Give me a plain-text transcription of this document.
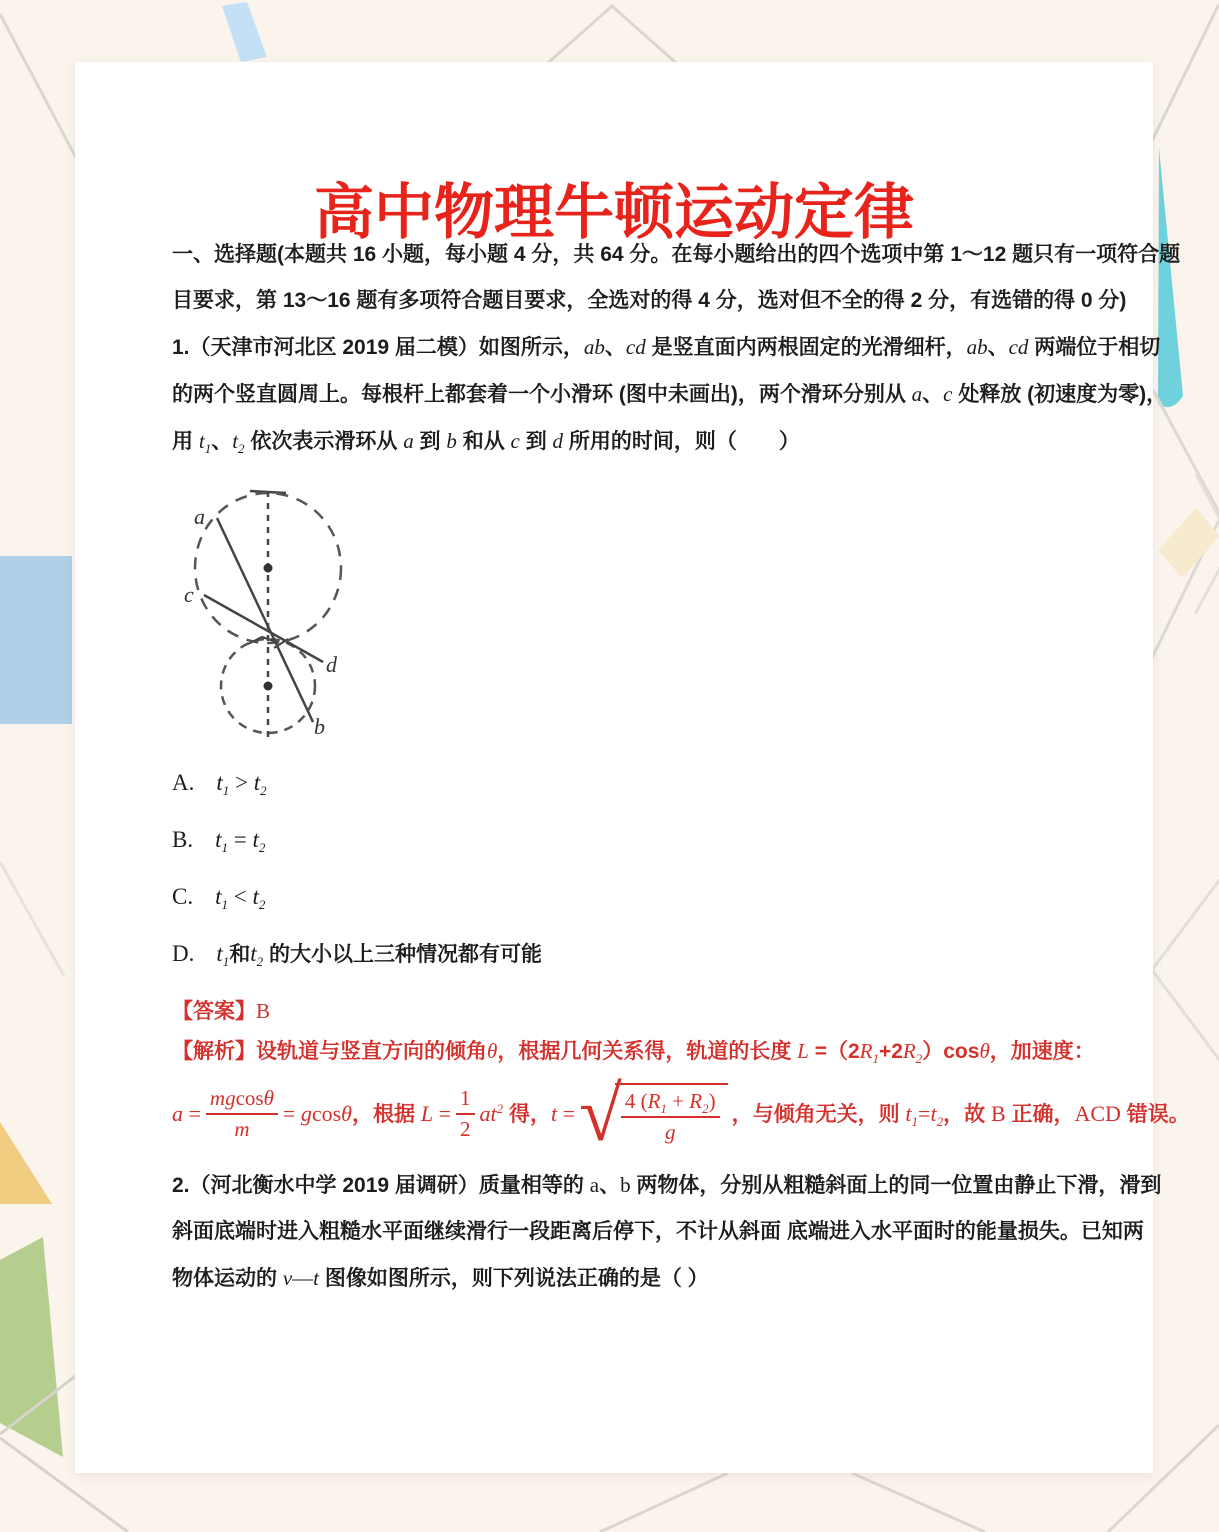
高中物理牛顿运动定律
一、选择题(本题共 16 小题，每小题 4 分，共 64 分。在每小题给出的四个选项中第 1～12 题只有一项符合题
目要求，第 13～16 题有多项符合题目要求，全选对的得 4 分，选对但不全的得 2 分，有选错的得 0 分)
1.（天津市河北区 2019 届二模）如图所示，ab、cd 是竖直面内两根固定的光滑细杆，ab、cd 两端位于相切
的两个竖直圆周上。每根杆上都套着一个小滑环 (图中未画出)，两个滑环分别从 a、c 处释放 (初速度为零)，
用 $t_1$、$t_2$ 依次表示滑环从 a 到 b 和从 c 到 d 所用的时间，则（　　）
a
c
d
b
A. $t_1 > t_2$
B. $t_1 = t_2$
C. $t_1 < t_2$
D. $t_1$和$t_2$ 的大小以上三种情况都有可能
【答案】B
【解析】设轨道与竖直方向的倾角θ，根据几何关系得，轨道的长度 $L =(2R_1+2R_2)\cos\theta$，加速度：
$a = \frac{mgcos\theta}{m} = gcos\theta$，根据 $L = \frac{1}{2} at^2$ 得，t = √ $\frac{4 (R_1 + R_2)}{g}$ ，与倾角无关，则 $t_1=t_2$，故 B 正确，ACD 错误。
2.（河北衡水中学 2019 届调研）质量相等的 a、b 两物体，分别从粗糙斜面上的同一位置由静止下滑，滑到
斜面底端时进入粗糙水平面继续滑行一段距离后停下，不计从斜面 底端进入水平面时的能量损失。已知两
物体运动的 v—t 图像如图所示，则下列说法正确的是（ ）
